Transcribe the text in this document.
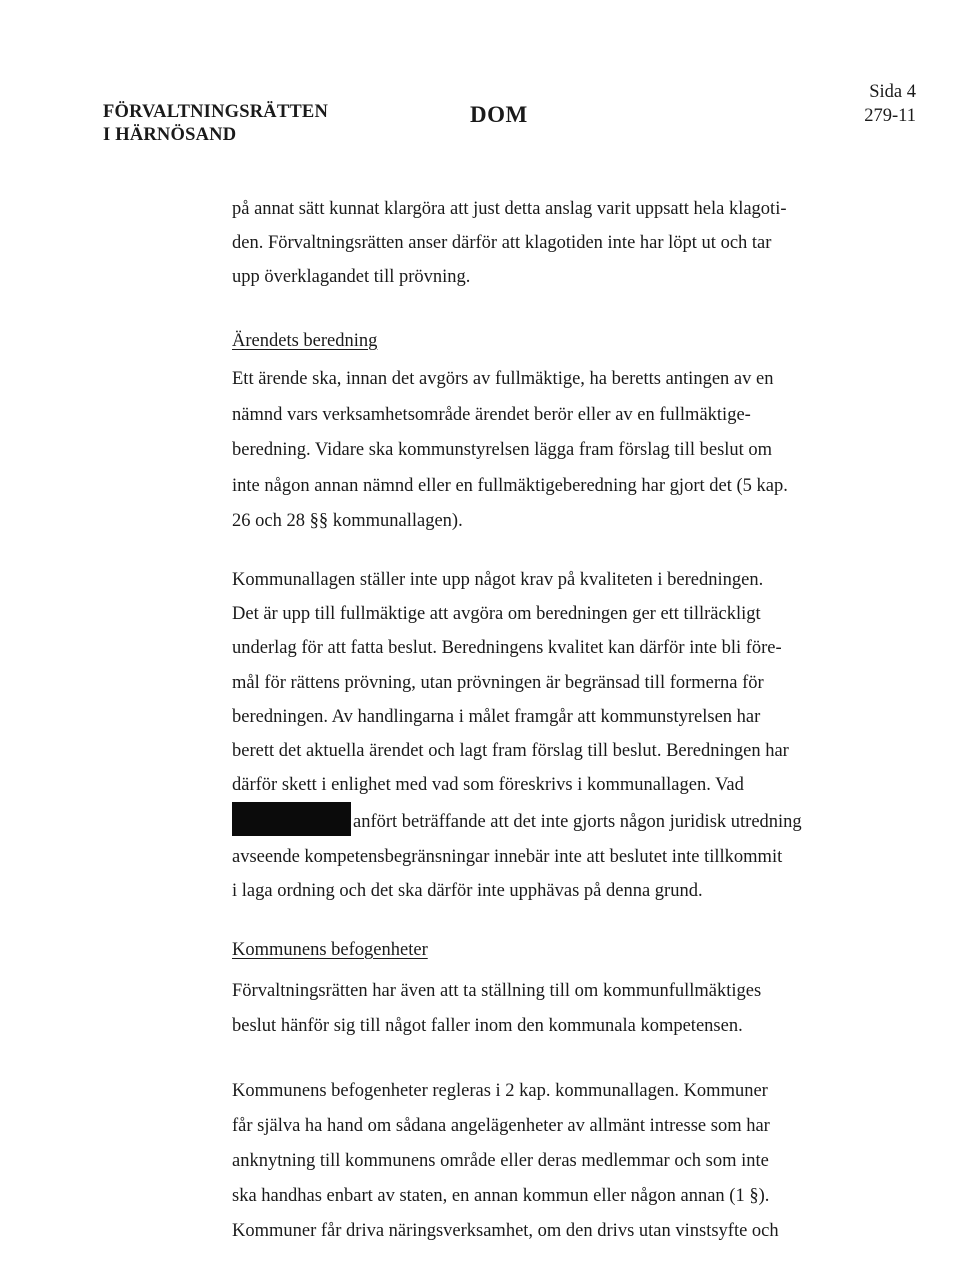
FÖRVALTNINGSRÄTTEN
I HÄRNÖSAND
DOM
Sida 4
279-11
på annat sätt kunnat klargöra att just detta anslag varit uppsatt hela klagoti-
den. Förvaltningsrätten anser därför att klagotiden inte har löpt ut och tar
upp överklagandet till prövning.
Ärendets beredning
Ett ärende ska, innan det avgörs av fullmäktige, ha beretts antingen av en
nämnd vars verksamhetsområde ärendet berör eller av en fullmäktige-
beredning. Vidare ska kommunstyrelsen lägga fram förslag till beslut om
inte någon annan nämnd eller en fullmäktigeberedning har gjort det (5 kap.
26 och 28 §§ kommunallagen).
Kommunallagen ställer inte upp något krav på kvaliteten i beredningen.
Det är upp till fullmäktige att avgöra om beredningen ger ett tillräckligt
underlag för att fatta beslut. Beredningens kvalitet kan därför inte bli före-
mål för rättens prövning, utan prövningen är begränsad till formerna för
beredningen. Av handlingarna i målet framgår att kommunstyrelsen har
berett det aktuella ärendet och lagt fram förslag till beslut. Beredningen har
därför skett i enlighet med vad som föreskrivs i kommunallagen. Vad
anfört beträffande att det inte gjorts någon juridisk utredning
avseende kompetensbegränsningar innebär inte att beslutet inte tillkommit
i laga ordning och det ska därför inte upphävas på denna grund.
Kommunens befogenheter
Förvaltningsrätten har även att ta ställning till om kommunfullmäktiges
beslut hänför sig till något faller inom den kommunala kompetensen.
Kommunens befogenheter regleras i 2 kap. kommunallagen. Kommuner
får själva ha hand om sådana angelägenheter av allmänt intresse som har
anknytning till kommunens område eller deras medlemmar och som inte
ska handhas enbart av staten, en annan kommun eller någon annan (1 §).
Kommuner får driva näringsverksamhet, om den drivs utan vinstsyfte och
